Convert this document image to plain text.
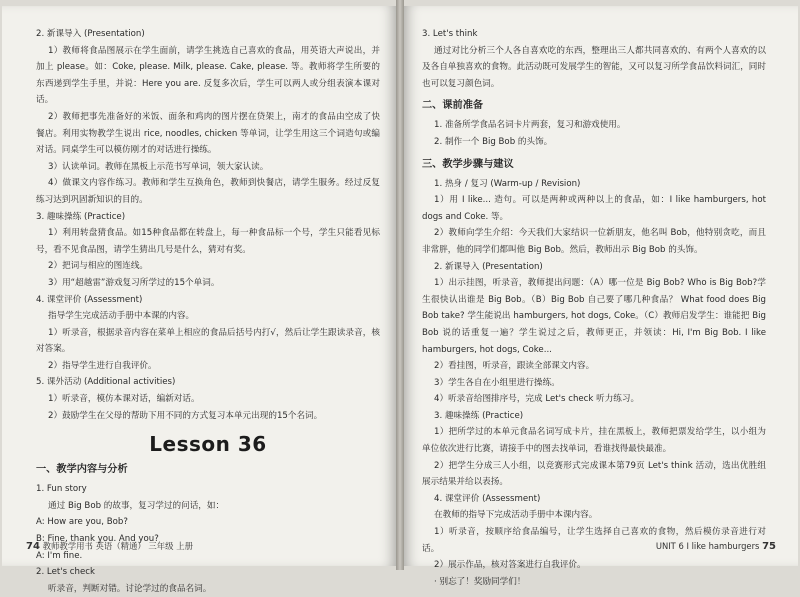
2. 新课导入 (Presentation)

1）教师将食品图展示在学生面前，请学生挑选自己喜欢的食品，用英语大声说出，并加上 please。如：Coke, please. Milk, please. Cake, please. 等。教师将学生所要的东西递到学生手里，并说：Here you are. 反复多次后，学生可以两人或分组表演本课对话。

2）教师把事先准备好的米饭、面条和鸡肉的图片摆在贷架上，南才的食品由空成了快餐店。利用实物教学生说出 rice, noodles, chicken 等单词，让学生用这三个词造句或编对话。同桌学生可以模仿刚才的对话进行操练。

3）认读单词。教师在黑板上示范书写单词，领大家认读。

4）做课文内容作练习。教师和学生互换角色，教师到快餐店，请学生服务。经过反复练习达到巩固新知识的目的。

3. 趣味操练 (Practice)

1）利用转盘猜食品。如15种食品都在转盘上，每一种食品标一个号，学生只能看见标号，看不见食品图，请学生猜出几号是什么，猜对有奖。

2）把词与相应的图连线。

3）用“超越雷”游戏复习所学过的15个单词。

4. 课堂评价 (Assessment)

指导学生完成活动手册中本课的内容。

1）听录音，根据录音内容在菜单上相应的食品后括号内打√，然后让学生跟读录音，核对答案。

2）指导学生进行自我评价。

5. 课外活动 (Additional activities)

1）听录音，模仿本课对话，编新对话。

2）鼓励学生在父母的帮助下用不同的方式复习本单元出现的15个名词。

Lesson 36
一、教学内容与分析

1. Fun story

通过 Big Bob 的故事，复习学过的问话，如：

A: How are you, Bob?

B: Fine, thank you. And you?

A: I'm fine.

2. Let's check

听录音，判断对错。讨论学过的食品名词。

74 教师教学用书 英语（精通） 三年级 上册

3. Let's think

通过对比分析三个人各自喜欢吃的东西，整理出三人都共同喜欢的、有两个人喜欢的以及各自单独喜欢的食物。此活动既可发展学生的智能，又可以复习所学食品饮料词汇，同时也可以复习颜色词。

二、课前准备

1. 准备所学食品名词卡片两套，复习和游戏使用。

2. 制作一个 Big Bob 的头饰。

三、教学步骤与建议

1. 热身 / 复习 (Warm-up / Revision)

1）用 I like... 造句。可以是两种或两种以上的食品，如：I like hamburgers, hot dogs and Coke. 等。

2）教师向学生介绍：今天我们大家结识一位新朋友，他名叫 Bob，他特别贪吃，而且非常胖，他的同学们都叫他 Big Bob。然后，教师出示 Big Bob 的头饰。

2. 新课导入 (Presentation)

1）出示挂图，听录音，教师提出问题：（A）哪一位是 Big Bob? Who is Big Bob?学生很快认出谁是 Big Bob。（B）Big Bob 自己要了哪几种食品？ What food does Big Bob take? 学生能说出 hamburgers, hot dogs, Coke。（C）教师启发学生：谁能把 Big Bob 说的话重复一遍？学生说过之后，教师更正，并领读：Hi, I'm Big Bob. I like hamburgers, hot dogs, Coke...

2）看挂图，听录音，跟读全部课文内容。

3）学生各自在小组里进行操练。

4）听录音给图排序号，完成 Let's check 听力练习。

3. 趣味操练 (Practice)

1）把所学过的本单元食品名词写成卡片，挂在黑板上，教师把票发给学生，以小组为单位依次进行比赛，请接手中的图去找单词，看谁找得最快最准。

2）把学生分成三人小组，以竞赛形式完成课本第79页 Let's think 活动，选出优胜组展示结果并给以表扬。

4. 课堂评价 (Assessment)

在教师的指导下完成活动手册中本课内容。

1）听录音，按顺序给食品编号，让学生选择自己喜欢的食物，然后模仿录音进行对话。

2）展示作品，核对答案进行自我评价。

· 别忘了！奖励同学们！

UNIT 6 I like hamburgers 75
